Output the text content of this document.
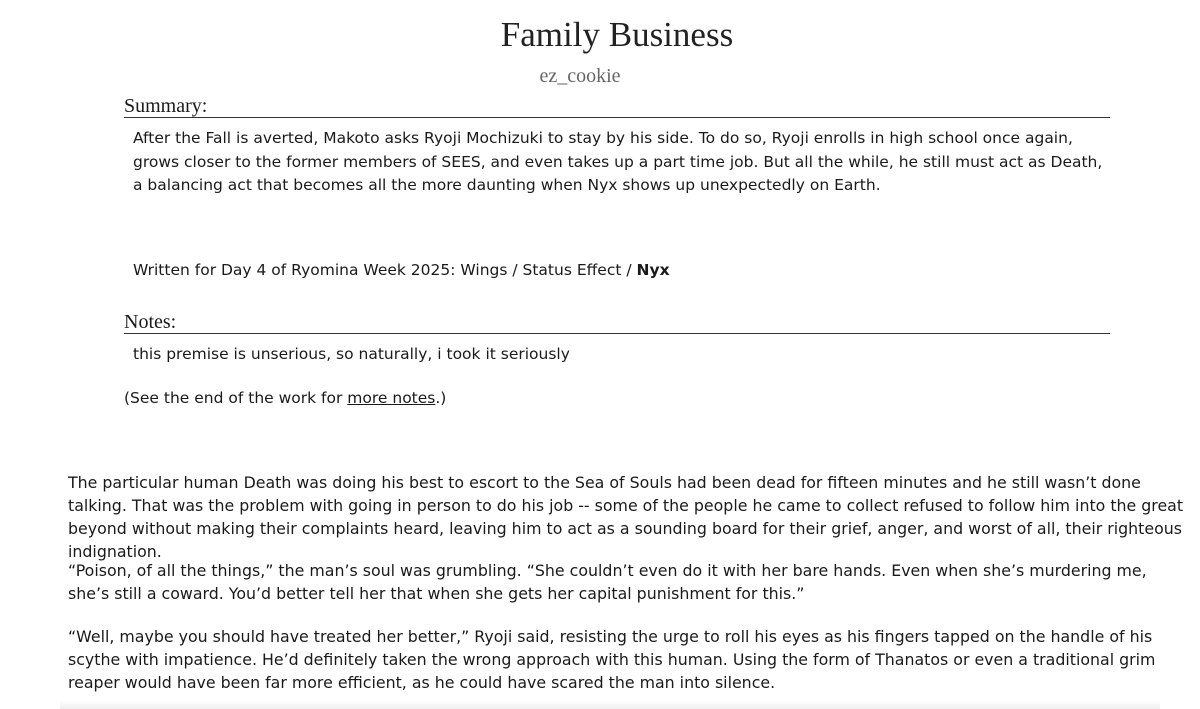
Family Business
ez_cookie
Summary:

After the Fall is averted, Makoto asks Ryoji Mochizuki to stay by his side. To do so, Ryoji enrolls in high school once again, grows closer to the former members of SEES, and even takes up a part time job. But all the while, he still must act as Death, a balancing act that becomes all the more daunting when Nyx shows up unexpectedly on Earth.

Written for Day 4 of Ryomina Week 2025: Wings / Status Effect / Nyx

Notes:

this premise is unserious, so naturally, i took it seriously

(See the end of the work for more notes.)

The particular human Death was doing his best to escort to the Sea of Souls had been dead for fifteen minutes and he still wasn’t done talking. That was the problem with going in person to do his job -- some of the people he came to collect refused to follow him into the great beyond without making their complaints heard, leaving him to act as a sounding board for their grief, anger, and worst of all, their righteous indignation.

“Poison, of all the things,” the man’s soul was grumbling. “She couldn’t even do it with her bare hands. Even when she’s murdering me, she’s still a coward. You’d better tell her that when she gets her capital punishment for this.”

“Well, maybe you should have treated her better,” Ryoji said, resisting the urge to roll his eyes as his fingers tapped on the handle of his scythe with impatience. He’d definitely taken the wrong approach with this human. Using the form of Thanatos or even a traditional grim reaper would have been far more efficient, as he could have scared the man into silence.
